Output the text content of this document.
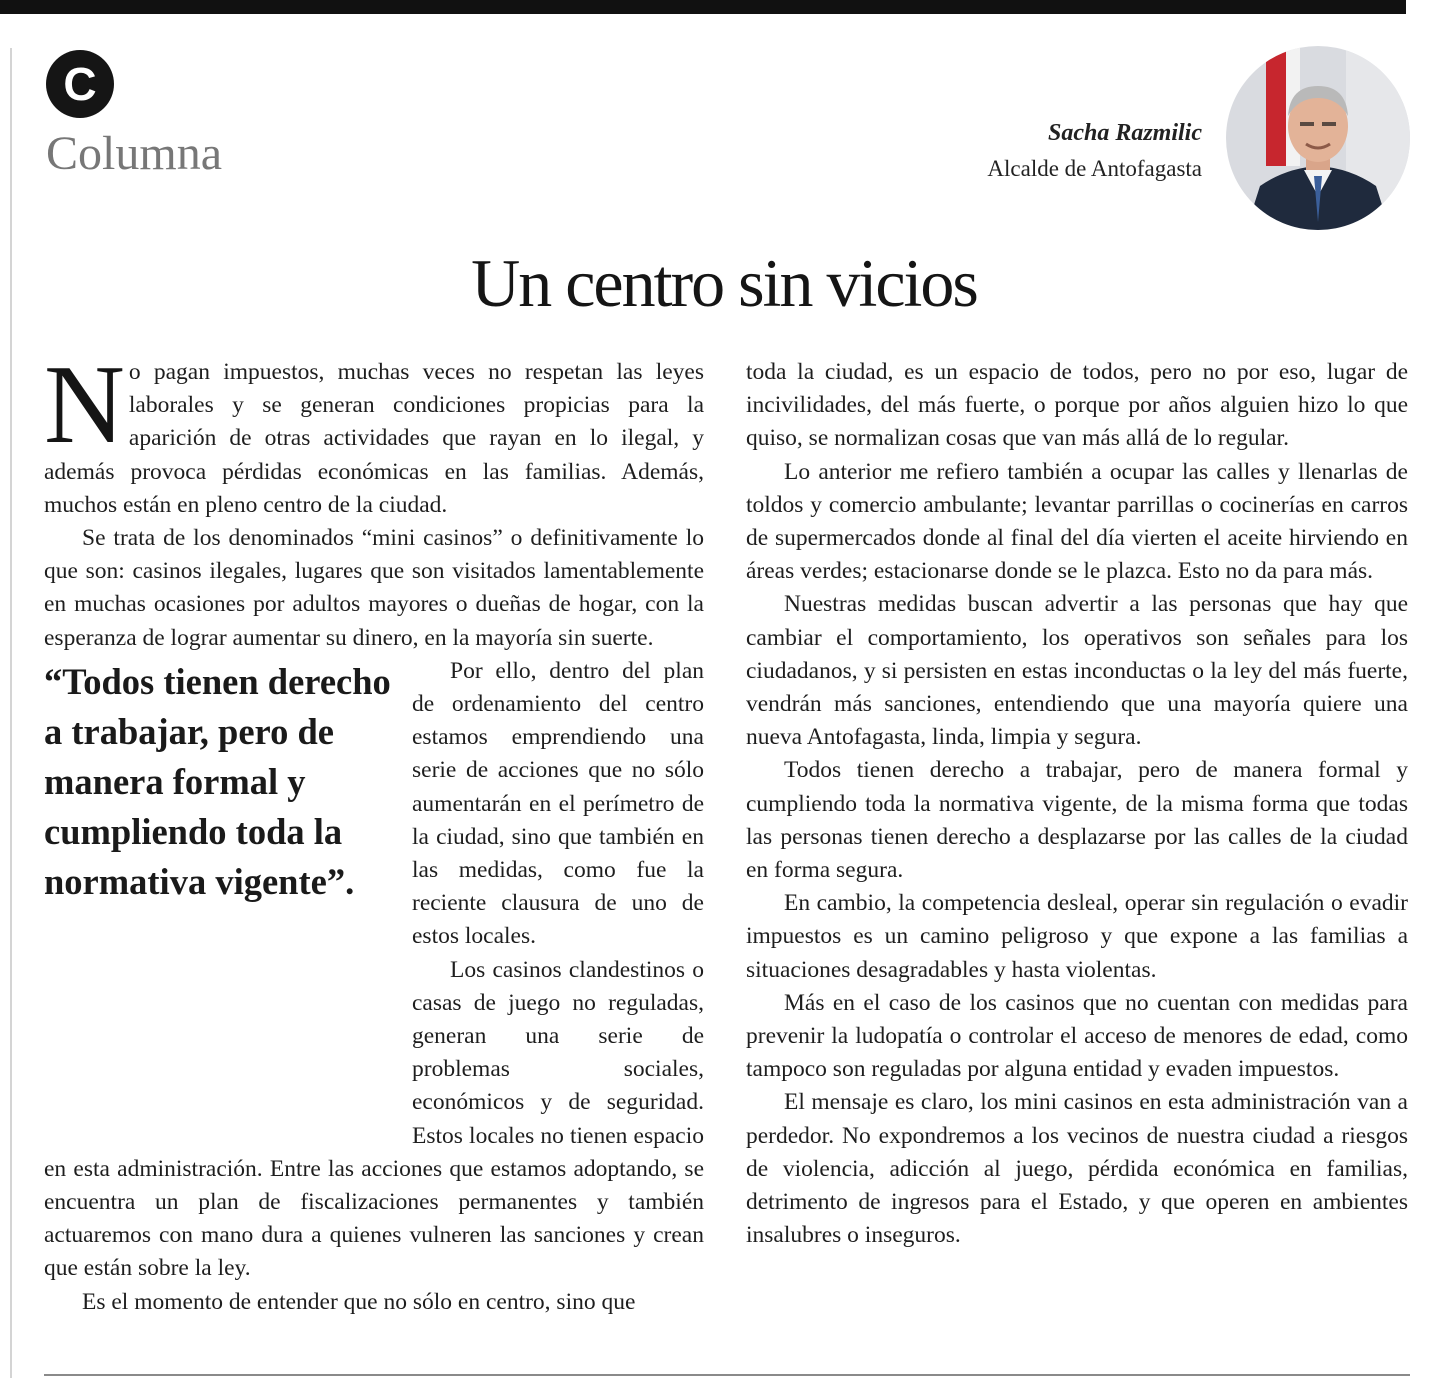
C
Columna	Sacha Razmilic
Alcalde de Antofagasta
Un centro sin vicios

No pagan impuestos, muchas veces no respetan las leyes laborales y se generan condiciones propicias para la aparición de otras actividades que rayan en lo ilegal, y además provoca pérdidas económicas en las familias. Además, muchos están en pleno centro de la ciudad.

Se trata de los denominados “mini casinos” o definitivamente lo que son: casinos ilegales, lugares que son visitados lamentablemente en muchas ocasiones por adultos mayores o dueñas de hogar, con la esperanza de lograr aumentar su dinero, en la mayoría sin suerte.

“Todos tienen derecho a trabajar, pero de manera formal y cumpliendo toda la normativa vigente”.

Por ello, dentro del plan de ordenamiento del centro estamos emprendiendo una serie de acciones que no sólo aumentarán en el perímetro de la ciudad, sino que también en las medidas, como fue la reciente clausura de uno de estos locales.

Los casinos clandestinos o casas de juego no reguladas, generan una serie de problemas sociales, económicos y de seguridad. Estos locales no tienen espacio en esta administración. Entre las acciones que estamos adoptando, se encuentra un plan de fiscalizaciones permanentes y también actuaremos con mano dura a quienes vulneren las sanciones y crean que están sobre la ley.

Es el momento de entender que no sólo en centro, sino que

toda la ciudad, es un espacio de todos, pero no por eso, lugar de incivilidades, del más fuerte, o porque por años alguien hizo lo que quiso, se normalizan cosas que van más allá de lo regular.

Lo anterior me refiero también a ocupar las calles y llenarlas de toldos y comercio ambulante; levantar parrillas o cocinerías en carros de supermercados donde al final del día vierten el aceite hirviendo en áreas verdes; estacionarse donde se le plazca. Esto no da para más.

Nuestras medidas buscan advertir a las personas que hay que cambiar el comportamiento, los operativos son señales para los ciudadanos, y si persisten en estas inconductas o la ley del más fuerte, vendrán más sanciones, entendiendo que una mayoría quiere una nueva Antofagasta, linda, limpia y segura.

Todos tienen derecho a trabajar, pero de manera formal y cumpliendo toda la normativa vigente, de la misma forma que todas las personas tienen derecho a desplazarse por las calles de la ciudad en forma segura.

En cambio, la competencia desleal, operar sin regulación o evadir impuestos es un camino peligroso y que expone a las familias a situaciones desagradables y hasta violentas.

Más en el caso de los casinos que no cuentan con medidas para prevenir la ludopatía o controlar el acceso de menores de edad, como tampoco son reguladas por alguna entidad y evaden impuestos.

El mensaje es claro, los mini casinos en esta administración van a perdedor. No expondremos a los vecinos de nuestra ciudad a riesgos de violencia, adicción al juego, pérdida económica en familias, detrimento de ingresos para el Estado, y que operen en ambientes insalubres o inseguros.
